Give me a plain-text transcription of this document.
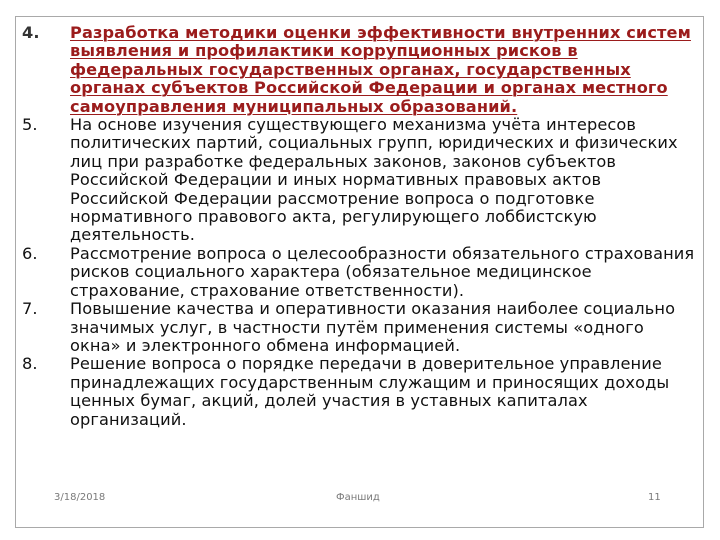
4.	Разработка методики оценки эффективности внутренних систем выявления и профилактики коррупционных рисков в федеральных государственных органах, государственных органах субъектов Российской Федерации и органах местного самоуправления муниципальных образований.
5.	На основе изучения существующего механизма учёта интересов политических партий, социальных групп, юридических и физических лиц при разработке федеральных законов, законов субъектов Российской Федерации и иных нормативных правовых актов Российской Федерации рассмотрение вопроса о подготовке нормативного правового акта, регулирующего лоббистскую деятельность.
6.	Рассмотрение вопроса о целесообразности обязательного страхования рисков социального характера (обязательное медицинское страхование, страхование ответственности).
7.	Повышение качества и оперативности оказания наиболее социально значимых услуг, в частности путём применения системы «одного окна» и электронного обмена информацией.
8.	Решение вопроса о порядке передачи в доверительное управление принадлежащих государственным служащим и приносящих доходы ценных бумаг, акций, долей участия в уставных капиталах организаций.
3/18/2018	Фаншид	11
